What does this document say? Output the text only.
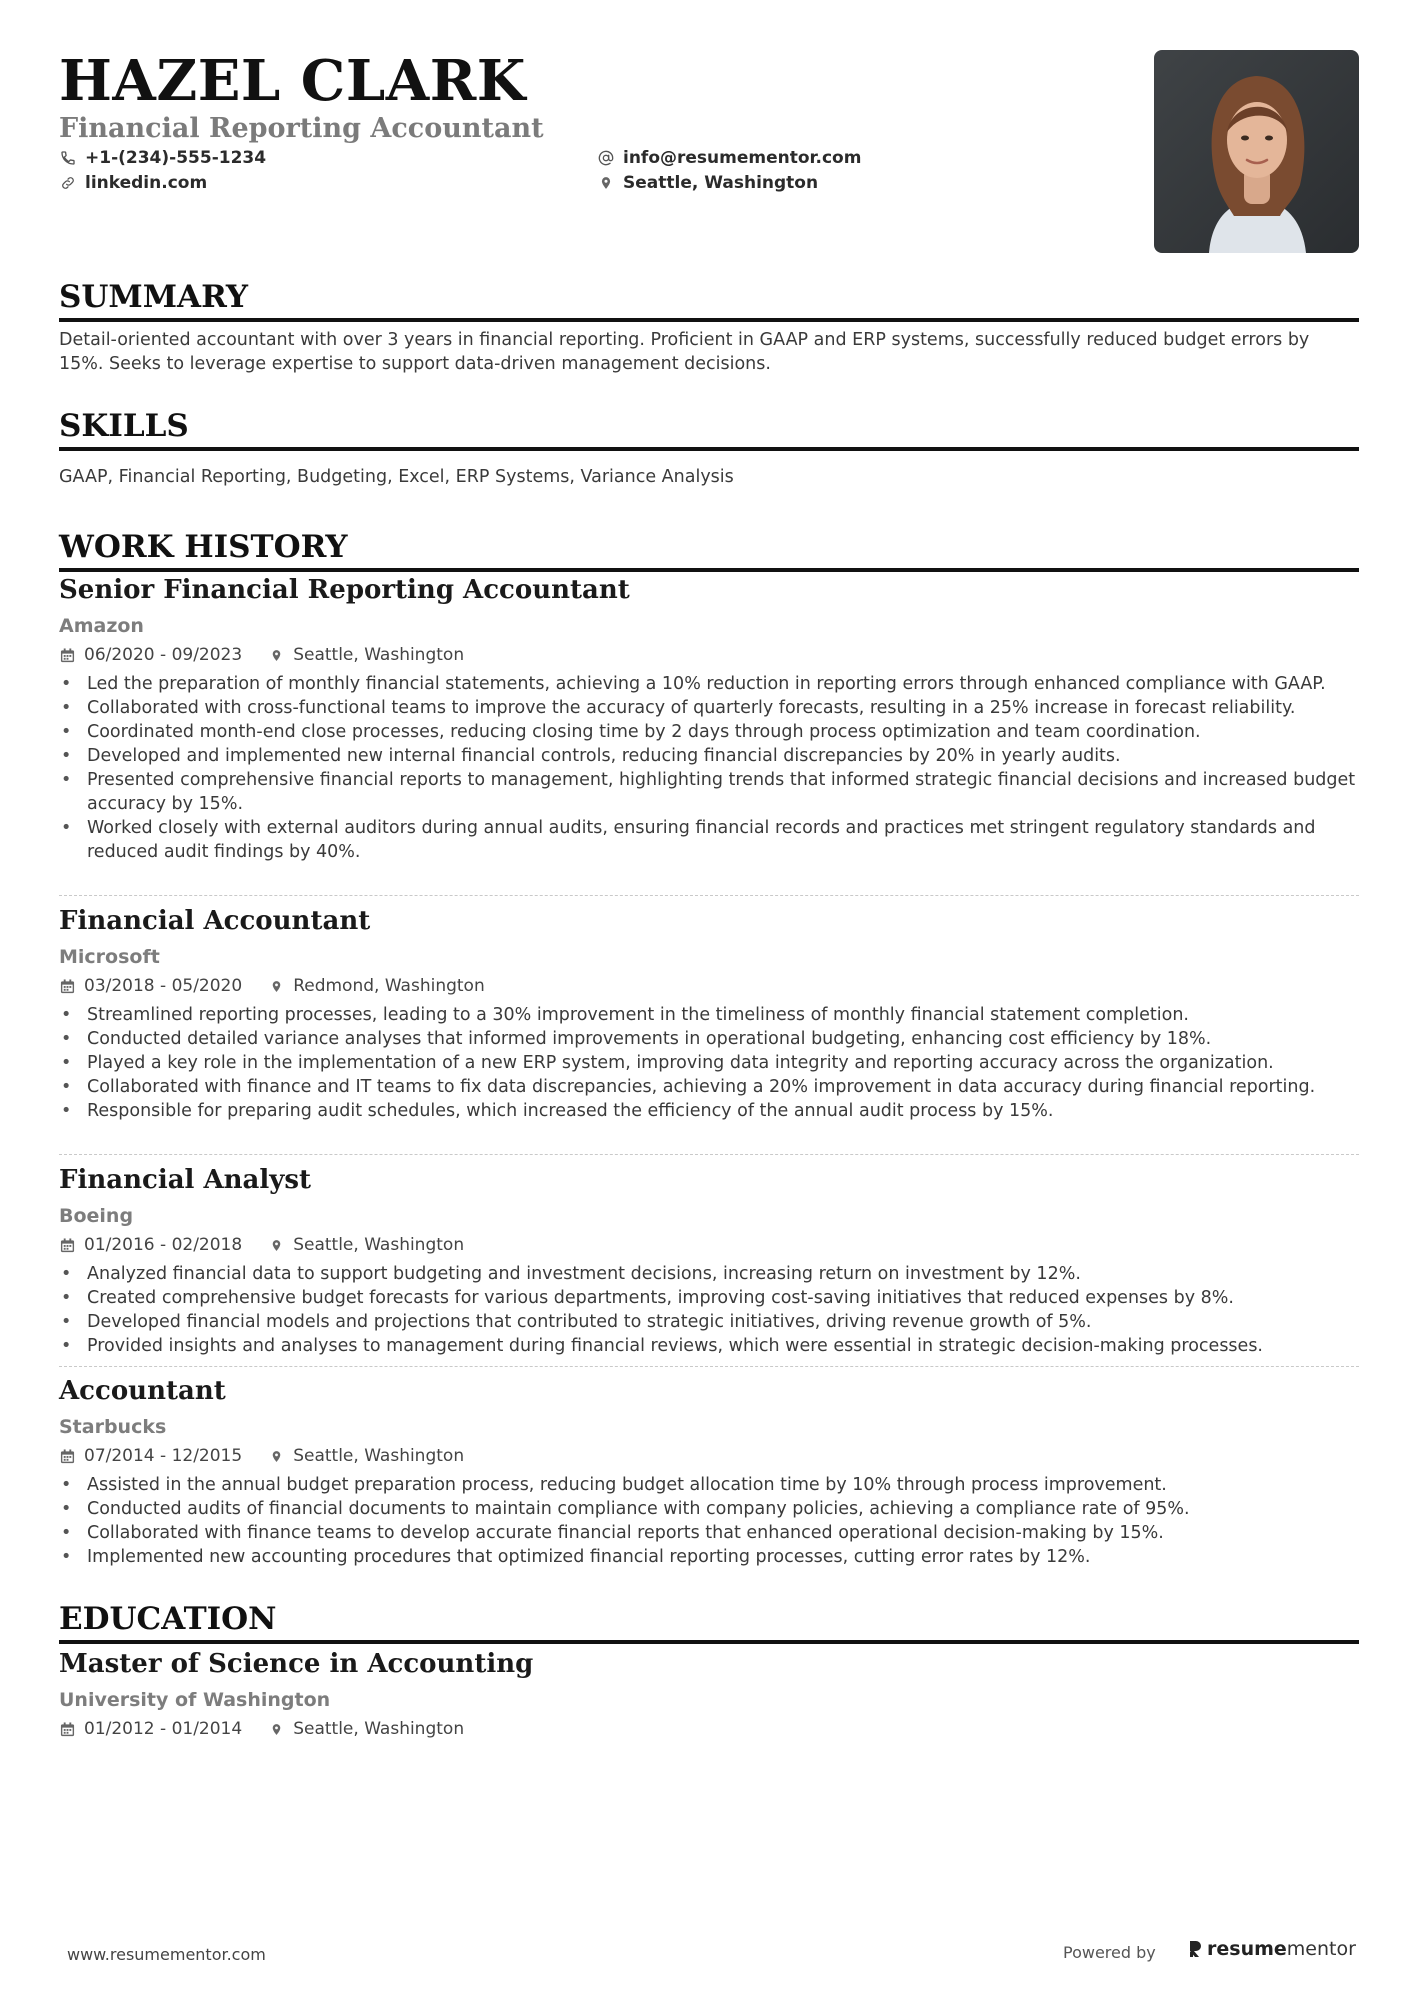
HAZEL CLARK
Financial Reporting Accountant
+1-(234)-555-1234
linkedin.com
info@resumementor.com
Seattle, Washington
SUMMARY

Detail-oriented accountant with over 3 years in financial reporting. Proficient in GAAP and ERP systems, successfully reduced budget errors by 15%. Seeks to leverage expertise to support data-driven management decisions.

SKILLS

GAAP, Financial Reporting, Budgeting, Excel, ERP Systems, Variance Analysis

WORK HISTORY
Senior Financial Reporting Accountant
Amazon
06/2020 - 09/2023	Seattle, Washington
• Led the preparation of monthly financial statements, achieving a 10% reduction in reporting errors through enhanced compliance with GAAP.
• Collaborated with cross-functional teams to improve the accuracy of quarterly forecasts, resulting in a 25% increase in forecast reliability.
• Coordinated month-end close processes, reducing closing time by 2 days through process optimization and team coordination.
• Developed and implemented new internal financial controls, reducing financial discrepancies by 20% in yearly audits.
• Presented comprehensive financial reports to management, highlighting trends that informed strategic financial decisions and increased budget accuracy by 15%.
• Worked closely with external auditors during annual audits, ensuring financial records and practices met stringent regulatory standards and reduced audit findings by 40%.
Financial Accountant
Microsoft
03/2018 - 05/2020	Redmond, Washington
• Streamlined reporting processes, leading to a 30% improvement in the timeliness of monthly financial statement completion.
• Conducted detailed variance analyses that informed improvements in operational budgeting, enhancing cost efficiency by 18%.
• Played a key role in the implementation of a new ERP system, improving data integrity and reporting accuracy across the organization.
• Collaborated with finance and IT teams to fix data discrepancies, achieving a 20% improvement in data accuracy during financial reporting.
• Responsible for preparing audit schedules, which increased the efficiency of the annual audit process by 15%.
Financial Analyst
Boeing
01/2016 - 02/2018	Seattle, Washington
• Analyzed financial data to support budgeting and investment decisions, increasing return on investment by 12%.
• Created comprehensive budget forecasts for various departments, improving cost-saving initiatives that reduced expenses by 8%.
• Developed financial models and projections that contributed to strategic initiatives, driving revenue growth of 5%.
• Provided insights and analyses to management during financial reviews, which were essential in strategic decision-making processes.
Accountant
Starbucks
07/2014 - 12/2015	Seattle, Washington
• Assisted in the annual budget preparation process, reducing budget allocation time by 10% through process improvement.
• Conducted audits of financial documents to maintain compliance with company policies, achieving a compliance rate of 95%.
• Collaborated with finance teams to develop accurate financial reports that enhanced operational decision-making by 15%.
• Implemented new accounting procedures that optimized financial reporting processes, cutting error rates by 12%.
EDUCATION
Master of Science in Accounting
University of Washington
01/2012 - 01/2014	Seattle, Washington
www.resumementor.com	Powered by	resume mentor
